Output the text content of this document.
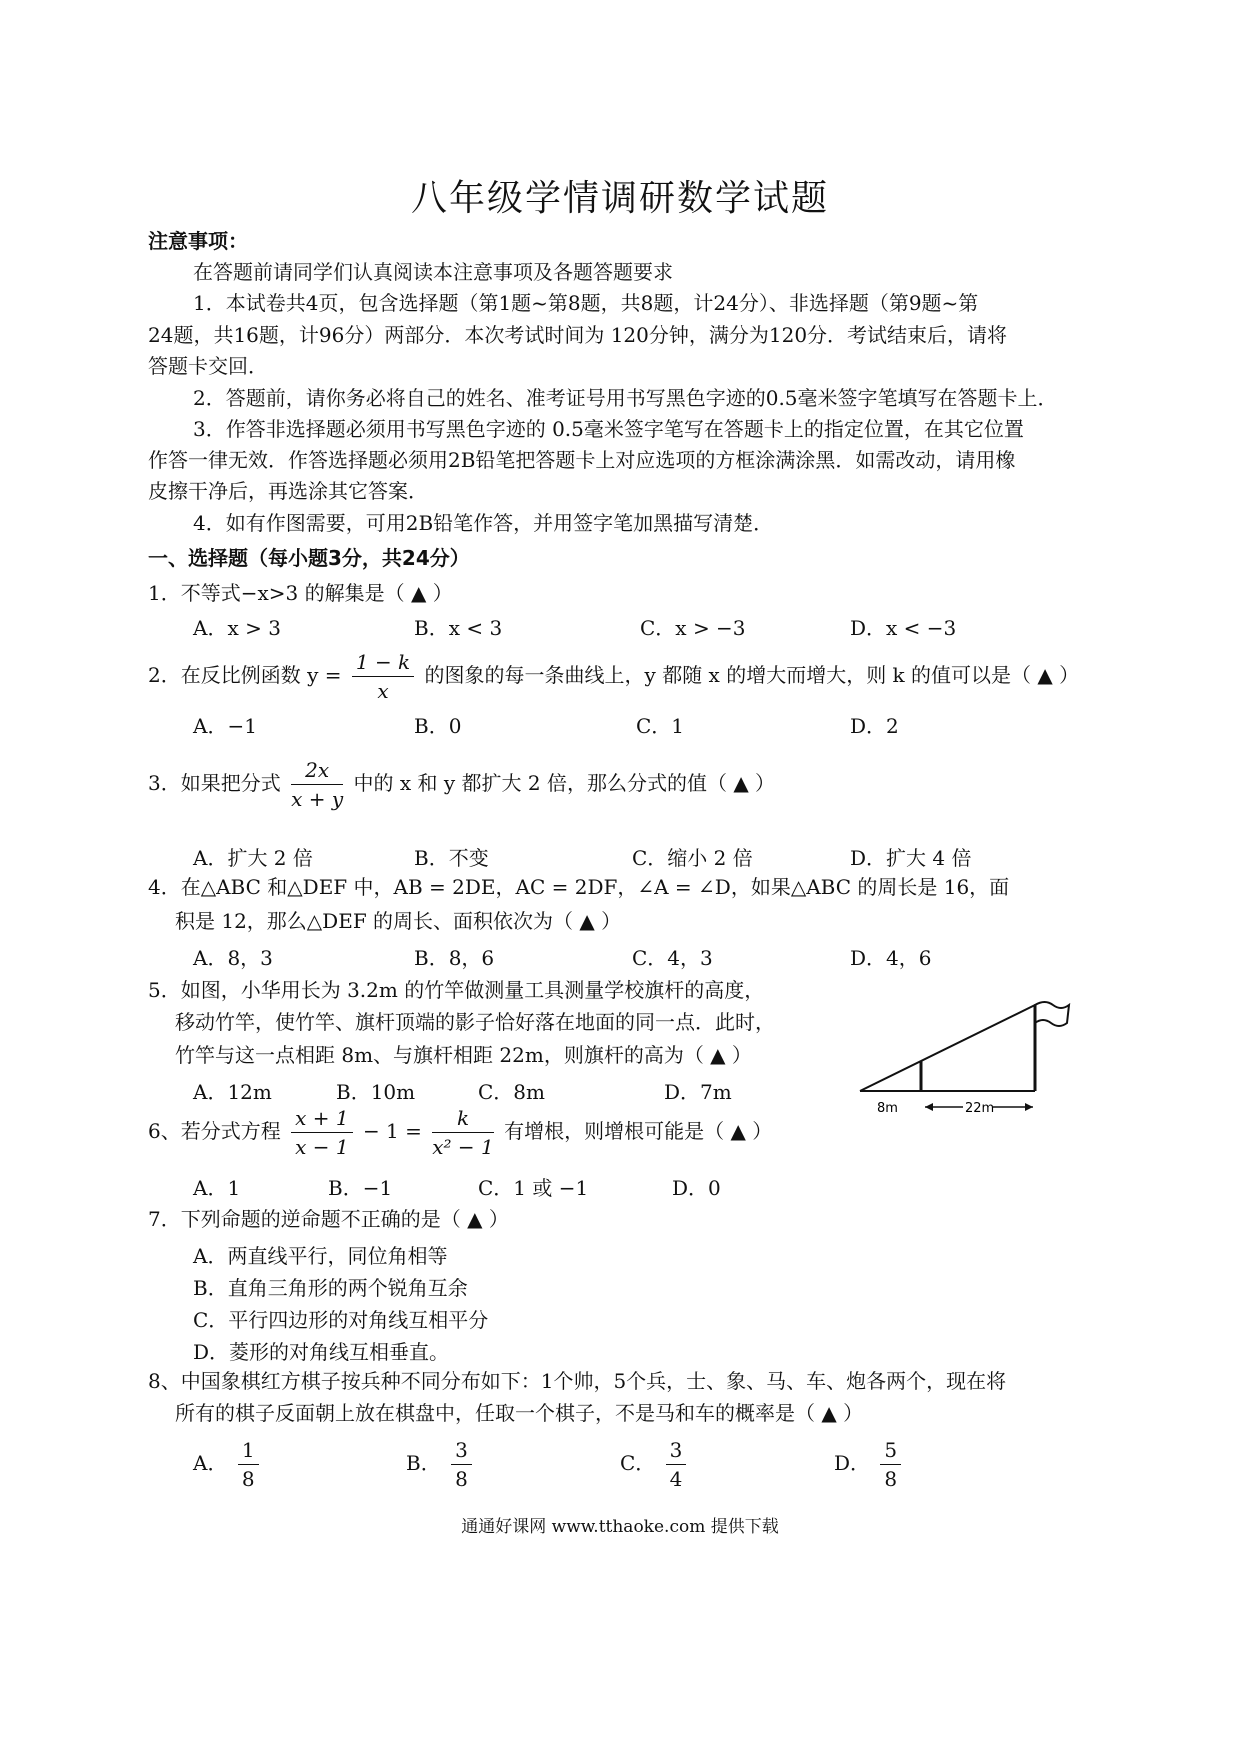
八年级学情调研数学试题
注意事项：
在答题前请同学们认真阅读本注意事项及各题答题要求
1．本试卷共4页，包含选择题（第1题~第8题，共8题，计24分）、非选择题（第9题~第
24题，共16题，计96分）两部分．本次考试时间为 120分钟，满分为120分．考试结束后，请将
答题卡交回．
2．答题前，请你务必将自己的姓名、准考证号用书写黑色字迹的0.5毫米签字笔填写在答题卡上．
3．作答非选择题必须用书写黑色字迹的 0.5毫米签字笔写在答题卡上的指定位置，在其它位置
作答一律无效．作答选择题必须用2B铅笔把答题卡上对应选项的方框涂满涂黑．如需改动，请用橡
皮擦干净后，再选涂其它答案．
4．如有作图需要，可用2B铅笔作答，并用签字笔加黑描写清楚．
一、选择题（每小题3分，共24分）
1．不等式−x>3 的解集是（ ▲ ）
A．x > 3	B．x < 3	C．x > −3	D．x < −3
2．在反比例函数 $y = \frac{1 - k}{x}$ 的图象的每一条曲线上，y 都随 x 的增大而增大，则 k 的值可以是（ ▲ ）
A．−1	B．0	C．1	D．2
3．如果把分式 $\frac{2x}{x + y}$ 中的 x 和 y 都扩大 2 倍，那么分式的值（ ▲ ）
A．扩大 2 倍	B．不变	C．缩小 2 倍	D．扩大 4 倍
4．在△ABC 和△DEF 中，AB = 2DE，AC = 2DF，∠A = ∠D，如果△ABC 的周长是 16，面
积是 12，那么△DEF 的周长、面积依次为（ ▲ ）
A．8，3	B．8，6	C．4，3	D．4，6
5．如图，小华用长为 3.2m 的竹竿做测量工具测量学校旗杆的高度，
移动竹竿，使竹竿、旗杆顶端的影子恰好落在地面的同一点．此时，
竹竿与这一点相距 8m、与旗杆相距 22m，则旗杆的高为（ ▲ ）
A．12m	B．10m	C．8m	D．7m
8m	22m
6、若分式方程 $\frac{x + 1}{x - 1} - 1 = \frac{k}{\text{x² − 1}}$ 有增根，则增根可能是（ ▲ ）
A．1	B．−1	C．1 或 −1	D．0
7．下列命题的逆命题不正确的是（ ▲ ）
A．两直线平行，同位角相等
B．直角三角形的两个锐角互余
C．平行四边形的对角线互相平分
D．菱形的对角线互相垂直。
8、中国象棋红方棋子按兵种不同分布如下：1个帅，5个兵，士、象、马、车、炮各两个，现在将
所有的棋子反面朝上放在棋盘中，任取一个棋子，不是马和车的概率是（ ▲ ）
A． $\frac{1}{8}$	B． $\frac{3}{8}$	C． $\frac{3}{4}$	D． $\frac{5}{8}$
通通好课网 www.tthaoke.com 提供下载
